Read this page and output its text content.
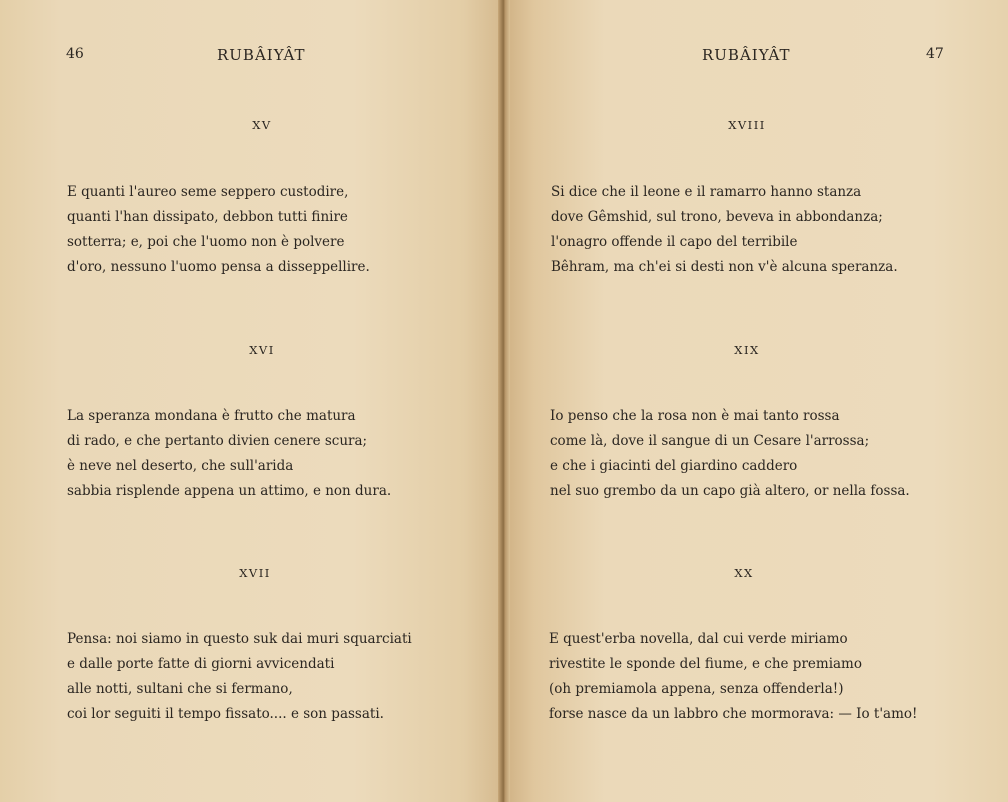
46	RUBÂIYÂT
XV
E quanti l'aureo seme seppero custodire,
quanti l'han dissipato, debbon tutti finire
sotterra; e, poi che l'uomo non è polvere
d'oro, nessuno l'uomo pensa a disseppellire.
XVI
La speranza mondana è frutto che matura
di rado, e che pertanto divien cenere scura;
è neve nel deserto, che sull'arida
sabbia risplende appena un attimo, e non dura.
XVII
Pensa: noi siamo in questo suk dai muri squarciati
e dalle porte fatte di giorni avvicendati
alle notti, sultani che si fermano,
coi lor seguiti il tempo fissato.... e son passati.
RUBÂIYÂT	47
XVIII
Si dice che il leone e il ramarro hanno stanza
dove Gêmshid, sul trono, beveva in abbondanza;
l'onagro offende il capo del terribile
Bêhram, ma ch'ei si desti non v'è alcuna speranza.
XIX
Io penso che la rosa non è mai tanto rossa
come là, dove il sangue di un Cesare l'arrossa;
e che i giacinti del giardino caddero
nel suo grembo da un capo già altero, or nella fossa.
XX
E quest'erba novella, dal cui verde miriamo
rivestite le sponde del fiume, e che premiamo
(oh premiamola appena, senza offenderla!)
forse nasce da un labbro che mormorava: — Io t'amo!
